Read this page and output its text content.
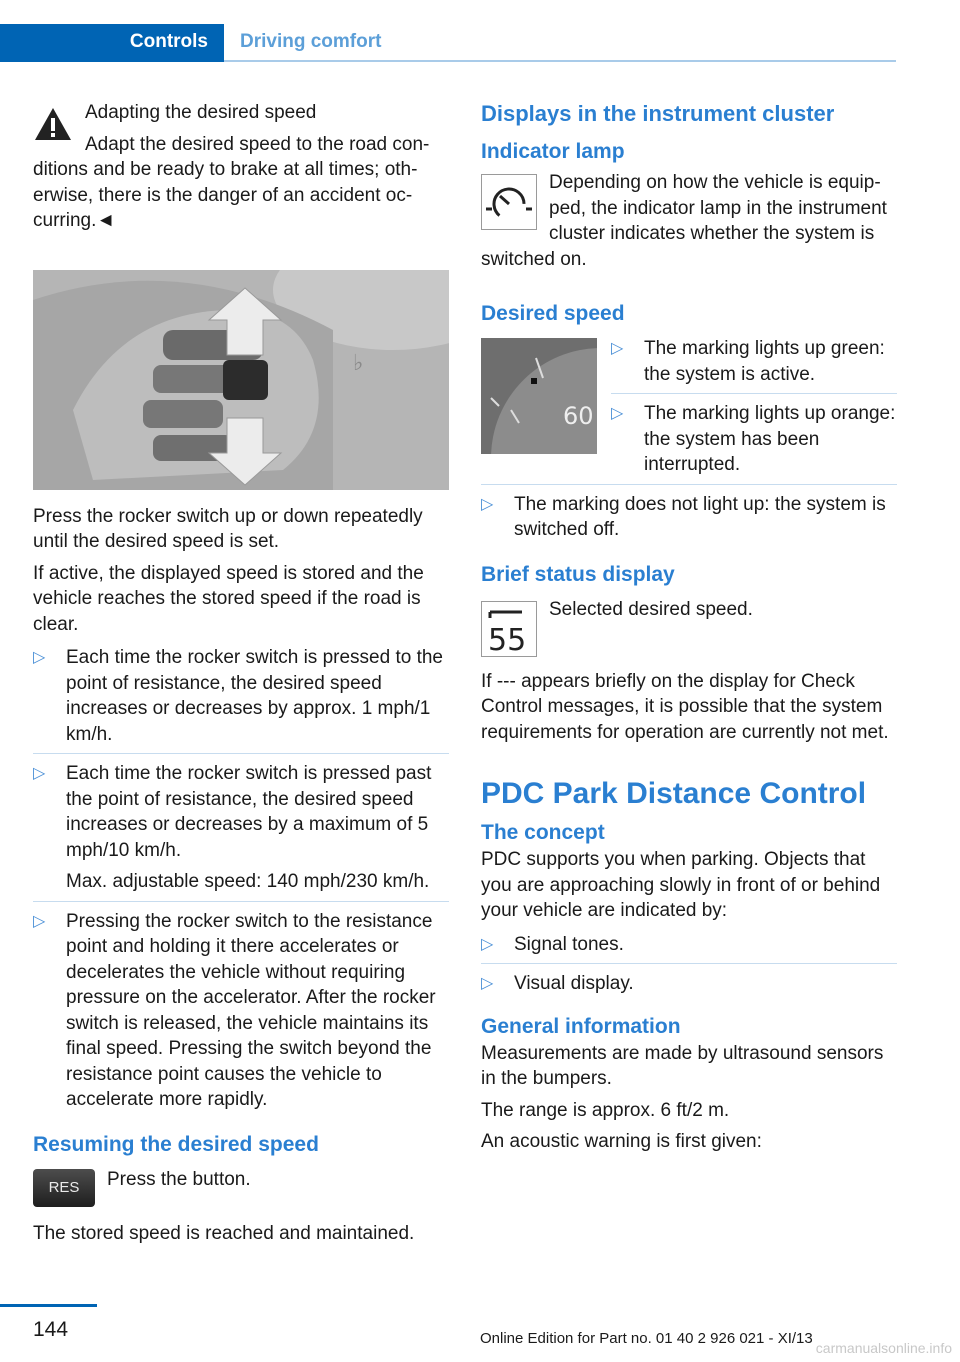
Controls	Driving comfort

Adapting the desired speed

Adapt the desired speed to the road conditions and be ready to brake at all times; otherwise, there is the danger of an accident occurring.◄

♭

Press the rocker switch up or down repeatedly until the desired speed is set.

If active, the displayed speed is stored and the vehicle reaches the stored speed if the road is clear.

▷ Each time the rocker switch is pressed to the point of resistance, the desired speed increases or decreases by approx. 1 mph/1 km/h.
▷ Each time the rocker switch is pressed past the point of resistance, the desired speed increases or decreases by a maximum of 5 mph/10 km/h.
Max. adjustable speed: 140 mph/230 km/h.
▷ Pressing the rocker switch to the resistance point and holding it there accelerates or decelerates the vehicle without requiring pressure on the accelerator. After the rocker switch is released, the vehicle maintains its final speed. Pressing the switch beyond the resistance point causes the vehicle to accelerate more rapidly.
Resuming the desired speed
RES	Press the button.

The stored speed is reached and maintained.

Displays in the instrument cluster
Indicator lamp

Depending on how the vehicle is equipped, the indicator lamp in the instrument cluster indicates whether the system is switched on.

Desired speed
60
▷ The marking lights up green: the system is active.
▷ The marking lights up orange: the system has been interrupted.
▷ The marking does not light up: the system is switched off.
Brief status display
55

Selected desired speed.

If --- appears briefly on the display for Check Control messages, it is possible that the system requirements for operation are currently not met.

PDC Park Distance Control
The concept

PDC supports you when parking. Objects that you are approaching slowly in front of or behind your vehicle are indicated by:

▷ Signal tones.
▷ Visual display.
General information

Measurements are made by ultrasound sensors in the bumpers.

The range is approx. 6 ft/2 m.

An acoustic warning is first given:

144	Online Edition for Part no. 01 40 2 926 021 - XI/13
carmanualsonline.info
